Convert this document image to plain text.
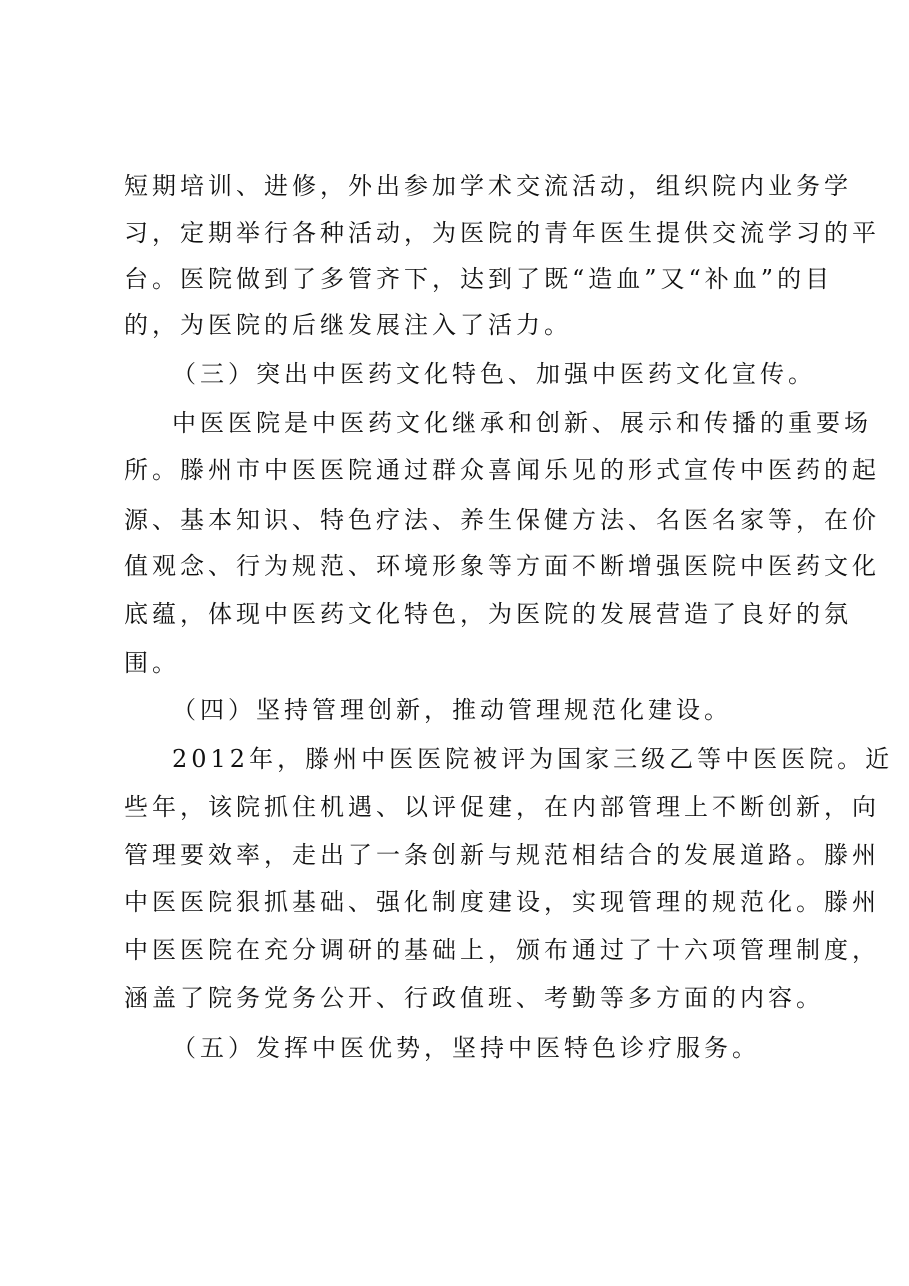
短期培训、进修，外出参加学术交流活动，组织院内业务学

习，定期举行各种活动，为医院的青年医生提供交流学习的平

台。医院做到了多管齐下，达到了既“造血”又“补血”的目

的，为医院的后继发展注入了活力。

（三）突出中医药文化特色、加强中医药文化宣传。

中医医院是中医药文化继承和创新、展示和传播的重要场

所。滕州市中医医院通过群众喜闻乐见的形式宣传中医药的起

源、基本知识、特色疗法、养生保健方法、名医名家等，在价

值观念、行为规范、环境形象等方面不断增强医院中医药文化

底蕴，体现中医药文化特色，为医院的发展营造了良好的氛

围。

（四）坚持管理创新，推动管理规范化建设。

2012年，滕州中医医院被评为国家三级乙等中医医院。近

些年，该院抓住机遇、以评促建，在内部管理上不断创新，向

管理要效率，走出了一条创新与规范相结合的发展道路。滕州

中医医院狠抓基础、强化制度建设，实现管理的规范化。滕州

中医医院在充分调研的基础上，颁布通过了十六项管理制度，

涵盖了院务党务公开、行政值班、考勤等多方面的内容。

（五）发挥中医优势，坚持中医特色诊疗服务。
